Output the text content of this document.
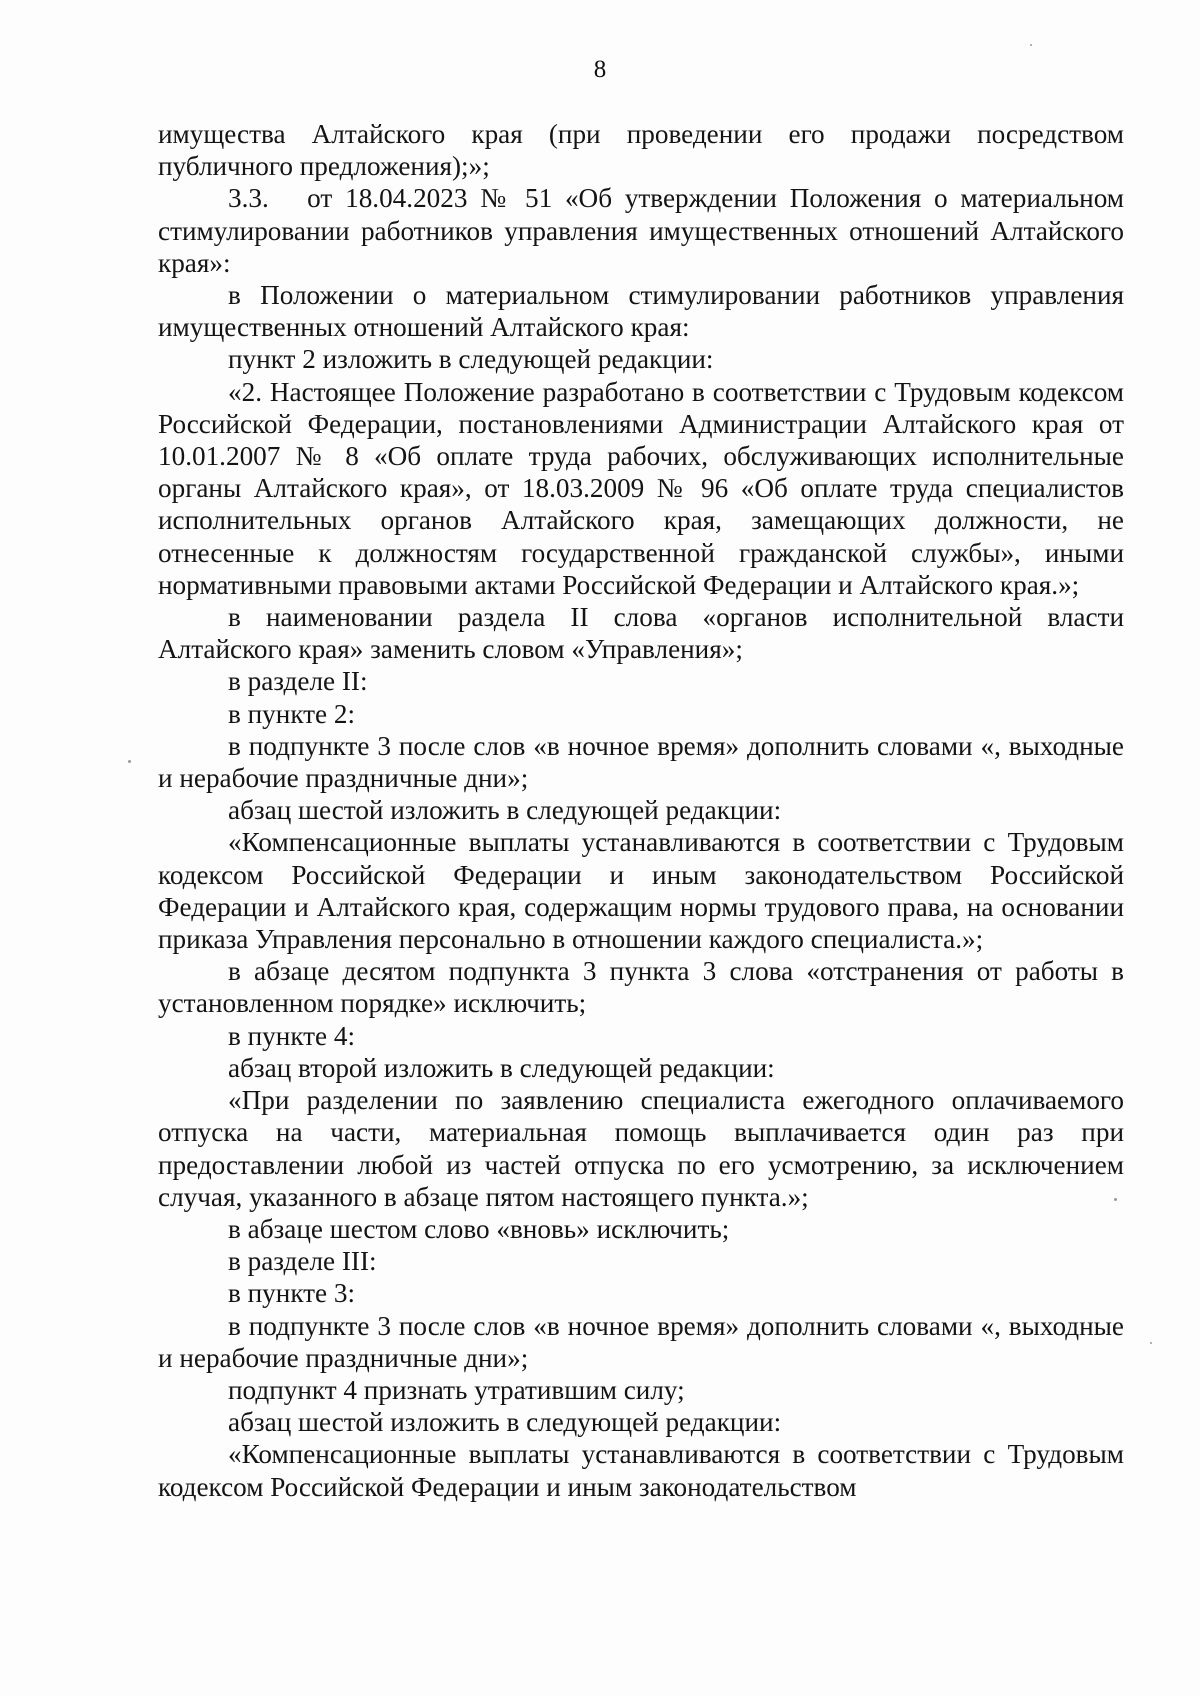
8

имущества Алтайского края (при проведении его продажи посредством публичного предложения);»;

3.3.   от 18.04.2023 № 51 «Об утверждении Положения о материальном стимулировании работников управления имущественных отношений Алтайского края»:

в Положении о материальном стимулировании работников управления имущественных отношений Алтайского края:

пункт 2 изложить в следующей редакции:

«2. Настоящее Положение разработано в соответствии с Трудовым кодексом Российской Федерации, постановлениями Администрации Алтайского края от 10.01.2007 № 8 «Об оплате труда рабочих, обслуживающих исполнительные органы Алтайского края», от 18.03.2009 № 96 «Об оплате труда специалистов исполнительных органов Алтайского края, замещающих должности, не отнесенные к должностям государственной гражданской службы», иными нормативными правовыми актами Российской Федерации и Алтайского края.»;

в наименовании раздела II слова «органов исполнительной власти Алтайского края» заменить словом «Управления»;

в разделе II:

в пункте 2:

в подпункте 3 после слов «в ночное время» дополнить словами «, выходные и нерабочие праздничные дни»;

абзац шестой изложить в следующей редакции:

«Компенсационные выплаты устанавливаются в соответствии с Трудовым кодексом Российской Федерации и иным законодательством Российской Федерации и Алтайского края, содержащим нормы трудового права, на основании приказа Управления персонально в отношении каждого специалиста.»;

в абзаце десятом подпункта 3 пункта 3 слова «отстранения от работы в установленном порядке» исключить;

в пункте 4:

абзац второй изложить в следующей редакции:

«При разделении по заявлению специалиста ежегодного оплачиваемого отпуска на части, материальная помощь выплачивается один раз при предоставлении любой из частей отпуска по его усмотрению, за исключением случая, указанного в абзаце пятом настоящего пункта.»;

в абзаце шестом слово «вновь» исключить;

в разделе III:

в пункте 3:

в подпункте 3 после слов «в ночное время» дополнить словами «, выходные и нерабочие праздничные дни»;

подпункт 4 признать утратившим силу;

абзац шестой изложить в следующей редакции:

«Компенсационные выплаты устанавливаются в соответствии с Трудовым кодексом Российской Федерации и иным законодательством
